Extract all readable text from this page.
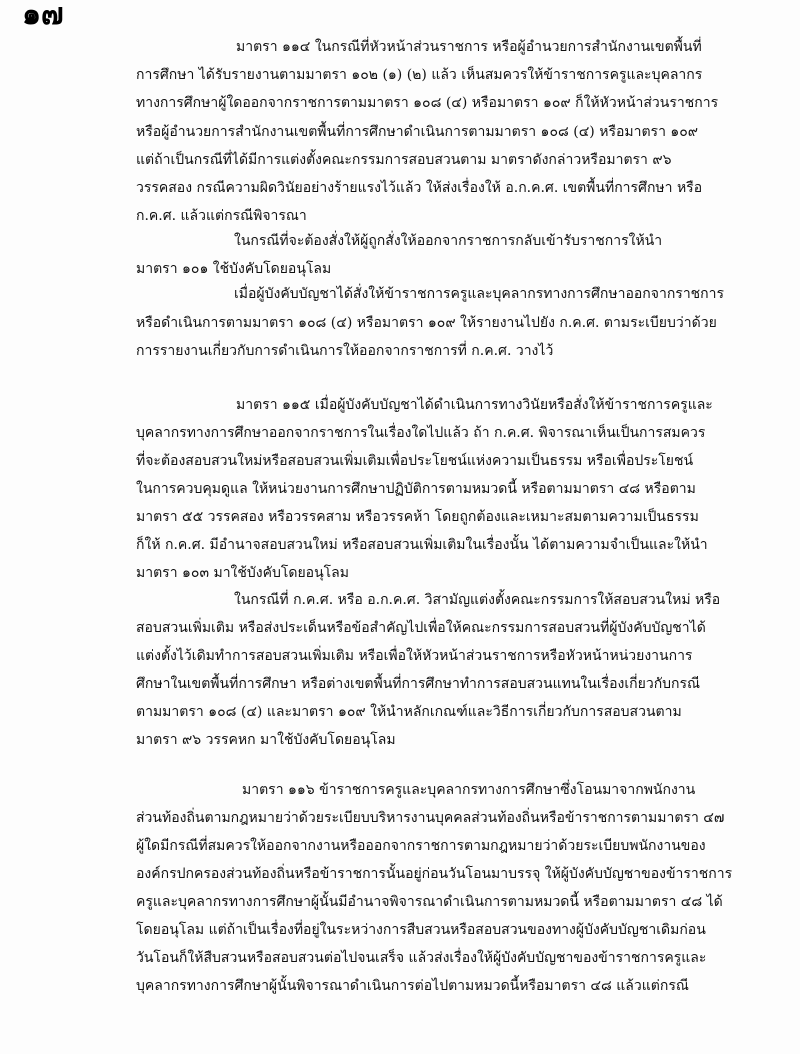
๑๗
มาตรา ๑๑๔ ในกรณีที่หัวหน้าส่วนราชการ หรือผู้อำนวยการสำนักงานเขตพื้นที่
การศึกษา ได้รับรายงานตามมาตรา ๑๐๒ (๑) (๒) แล้ว เห็นสมควรให้ข้าราชการครูและบุคลากร
ทางการศึกษาผู้ใดออกจากราชการตามมาตรา ๑๐๘ (๔) หรือมาตรา ๑๐๙ ก็ให้หัวหน้าส่วนราชการ
หรือผู้อำนวยการสำนักงานเขตพื้นที่การศึกษาดำเนินการตามมาตรา ๑๐๘ (๔) หรือมาตรา ๑๐๙
แต่ถ้าเป็นกรณีที่ได้มีการแต่งตั้งคณะกรรมการสอบสวนตาม มาตราดังกล่าวหรือมาตรา ๙๖
วรรคสอง กรณีความผิดวินัยอย่างร้ายแรงไว้แล้ว ให้ส่งเรื่องให้ อ.ก.ค.ศ. เขตพื้นที่การศึกษา หรือ
ก.ค.ศ. แล้วแต่กรณีพิจารณา
ในกรณีที่จะต้องสั่งให้ผู้ถูกสั่งให้ออกจากราชการกลับเข้ารับราชการให้นำ
มาตรา ๑๐๑ ใช้บังคับโดยอนุโลม
เมื่อผู้บังคับบัญชาได้สั่งให้ข้าราชการครูและบุคลากรทางการศึกษาออกจากราชการ
หรือดำเนินการตามมาตรา ๑๐๘ (๔) หรือมาตรา ๑๐๙ ให้รายงานไปยัง ก.ค.ศ. ตามระเบียบว่าด้วย
การรายงานเกี่ยวกับการดำเนินการให้ออกจากราชการที่ ก.ค.ศ. วางไว้
มาตรา ๑๑๕ เมื่อผู้บังคับบัญชาได้ดำเนินการทางวินัยหรือสั่งให้ข้าราชการครูและ
บุคลากรทางการศึกษาออกจากราชการในเรื่องใดไปแล้ว ถ้า ก.ค.ศ. พิจารณาเห็นเป็นการสมควร
ที่จะต้องสอบสวนใหม่หรือสอบสวนเพิ่มเติมเพื่อประโยชน์แห่งความเป็นธรรม หรือเพื่อประโยชน์
ในการควบคุมดูแล ให้หน่วยงานการศึกษาปฏิบัติการตามหมวดนี้ หรือตามมาตรา ๔๘ หรือตาม
มาตรา ๕๕ วรรคสอง หรือวรรคสาม หรือวรรคห้า โดยถูกต้องและเหมาะสมตามความเป็นธรรม
ก็ให้ ก.ค.ศ. มีอำนาจสอบสวนใหม่ หรือสอบสวนเพิ่มเติมในเรื่องนั้น ได้ตามความจำเป็นและให้นำ
มาตรา ๑๐๓ มาใช้บังคับโดยอนุโลม
ในกรณีที่ ก.ค.ศ. หรือ อ.ก.ค.ศ. วิสามัญแต่งตั้งคณะกรรมการให้สอบสวนใหม่ หรือ
สอบสวนเพิ่มเติม หรือส่งประเด็นหรือข้อสำคัญไปเพื่อให้คณะกรรมการสอบสวนที่ผู้บังคับบัญชาได้
แต่งตั้งไว้เดิมทำการสอบสวนเพิ่มเติม หรือเพื่อให้หัวหน้าส่วนราชการหรือหัวหน้าหน่วยงานการ
ศึกษาในเขตพื้นที่การศึกษา หรือต่างเขตพื้นที่การศึกษาทำการสอบสวนแทนในเรื่องเกี่ยวกับกรณี
ตามมาตรา ๑๐๘ (๔) และมาตรา ๑๐๙ ให้นำหลักเกณฑ์และวิธีการเกี่ยวกับการสอบสวนตาม
มาตรา ๙๖ วรรคหก มาใช้บังคับโดยอนุโลม
มาตรา ๑๑๖ ข้าราชการครูและบุคลากรทางการศึกษาซึ่งโอนมาจากพนักงาน
ส่วนท้องถิ่นตามกฎหมายว่าด้วยระเบียบบริหารงานบุคคลส่วนท้องถิ่นหรือข้าราชการตามมาตรา ๔๗
ผู้ใดมีกรณีที่สมควรให้ออกจากงานหรือออกจากราชการตามกฎหมายว่าด้วยระเบียบพนักงานของ
องค์กรปกครองส่วนท้องถิ่นหรือข้าราชการนั้นอยู่ก่อนวันโอนมาบรรจุ ให้ผู้บังคับบัญชาของข้าราชการ
ครูและบุคลากรทางการศึกษาผู้นั้นมีอำนาจพิจารณาดำเนินการตามหมวดนี้ หรือตามมาตรา ๔๘ ได้
โดยอนุโลม แต่ถ้าเป็นเรื่องที่อยู่ในระหว่างการสืบสวนหรือสอบสวนของทางผู้บังคับบัญชาเดิมก่อน
วันโอนก็ให้สืบสวนหรือสอบสวนต่อไปจนเสร็จ แล้วส่งเรื่องให้ผู้บังคับบัญชาของข้าราชการครูและ
บุคลากรทางการศึกษาผู้นั้นพิจารณาดำเนินการต่อไปตามหมวดนี้หรือมาตรา ๔๘ แล้วแต่กรณี
